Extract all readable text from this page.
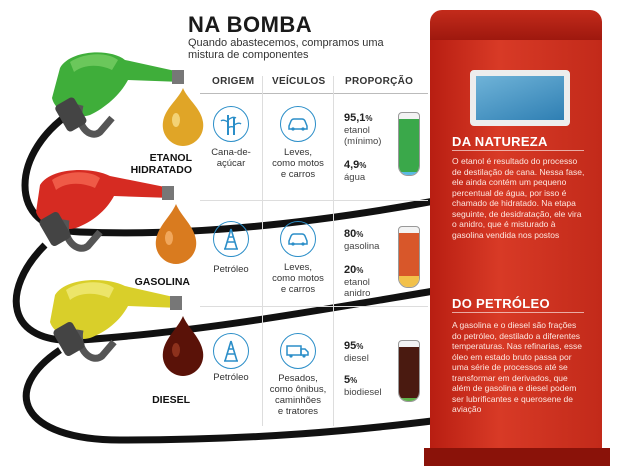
NA BOMBA
Quando abastecemos, compramos uma mistura de componentes
ORIGEM VEÍCULOS PROPORÇÃO
ETANOL
HIDRATADO
GASOLINA
DIESEL
Cana-de-
açúcar
Leves,
como motos
e carros
95,1%
etanol
(mínimo)
4,9%
água
Petróleo	Leves,
como motos
e carros
80%
gasolina
20%
etanol
anidro
Petróleo	Pesados,
como ônibus,
caminhões
e tratores
95%
diesel
5%
biodiesel
DA NATUREZA
O etanol é resultado do processo de destilação de cana. Nessa fase, ele ainda contém um pequeno percentual de água, por isso é chamado de hidratado. Na etapa seguinte, de desidratação, ele vira o anidro, que é misturado à gasolina vendida nos postos
DO PETRÓLEO
A gasolina e o diesel são frações do petróleo, destilado a diferentes temperaturas. Nas refinarias, esse óleo em estado bruto passa por uma série de processos até se transformar em derivados, que além de gasolina e diesel podem ser lubrificantes e querosene de aviação
